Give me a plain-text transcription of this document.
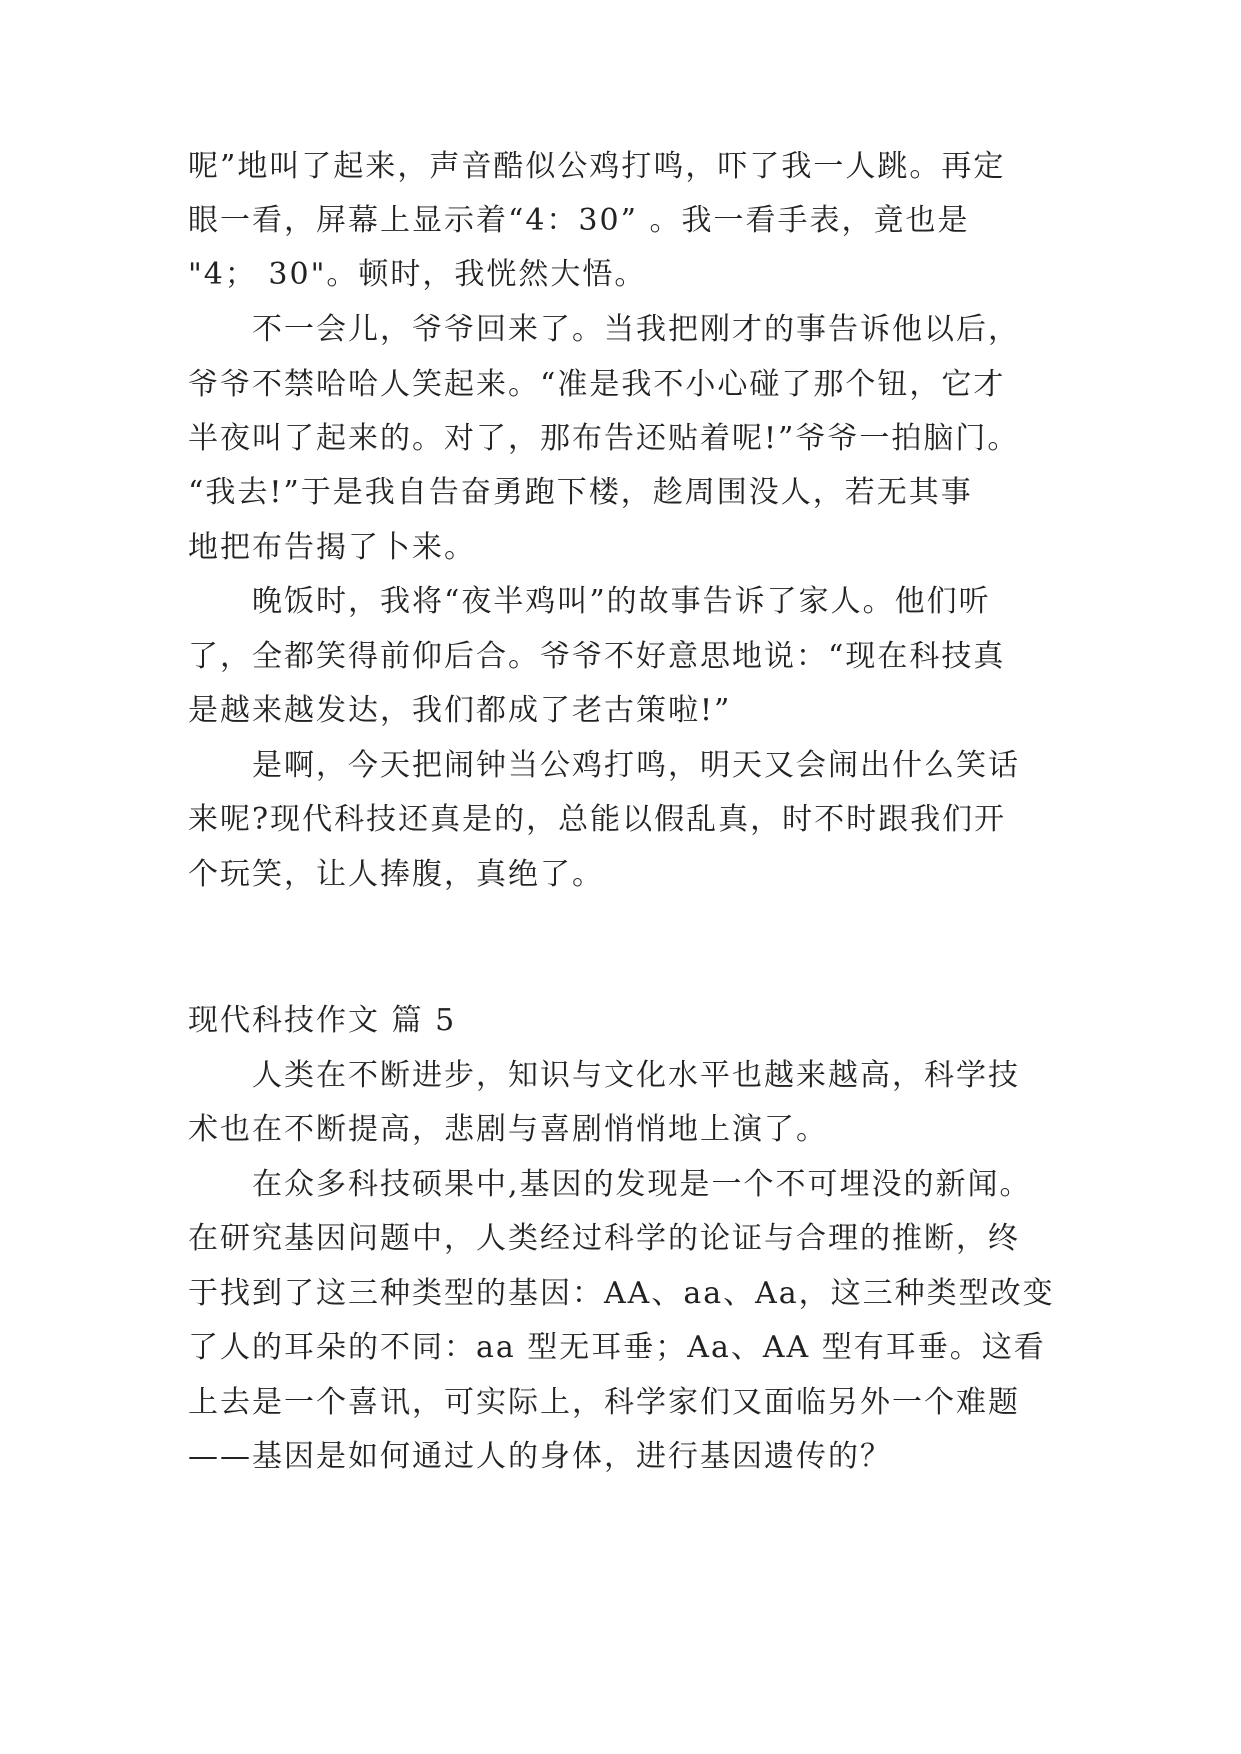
呢”地叫了起来，声音酷似公鸡打鸣，吓了我一人跳。再定
眼一看，屏幕上显示着“4：30” 。我一看手表，竟也是
"4； 30"。顿时，我恍然大悟。
　　不一会儿，爷爷回来了。当我把刚才的事告诉他以后，
爷爷不禁哈哈人笑起来。“准是我不小心碰了那个钮，它才
半夜叫了起来的。对了，那布告还贴着呢!”爷爷一拍脑门。
“我去!”于是我自告奋勇跑下楼，趁周围没人，若无其事
地把布告揭了卜来。
　　晚饭时，我将“夜半鸡叫”的故事告诉了家人。他们听
了，全都笑得前仰后合。爷爷不好意思地说：“现在科技真
是越来越发达，我们都成了老古策啦!”
　　是啊，今天把闹钟当公鸡打鸣，明天又会闹出什么笑话
来呢?现代科技还真是的，总能以假乱真，时不时跟我们开
个玩笑，让人捧腹，真绝了。
现代科技作文 篇 5
　　人类在不断进步，知识与文化水平也越来越高，科学技
术也在不断提高，悲剧与喜剧悄悄地上演了。
　　在众多科技硕果中,基因的发现是一个不可埋没的新闻。
在研究基因问题中，人类经过科学的论证与合理的推断，终
于找到了这三种类型的基因：AA、aa、Aa，这三种类型改变
了人的耳朵的不同：aa 型无耳垂；Aa、AA 型有耳垂。这看
上去是一个喜讯，可实际上，科学家们又面临另外一个难题
——基因是如何通过人的身体，进行基因遗传的？
